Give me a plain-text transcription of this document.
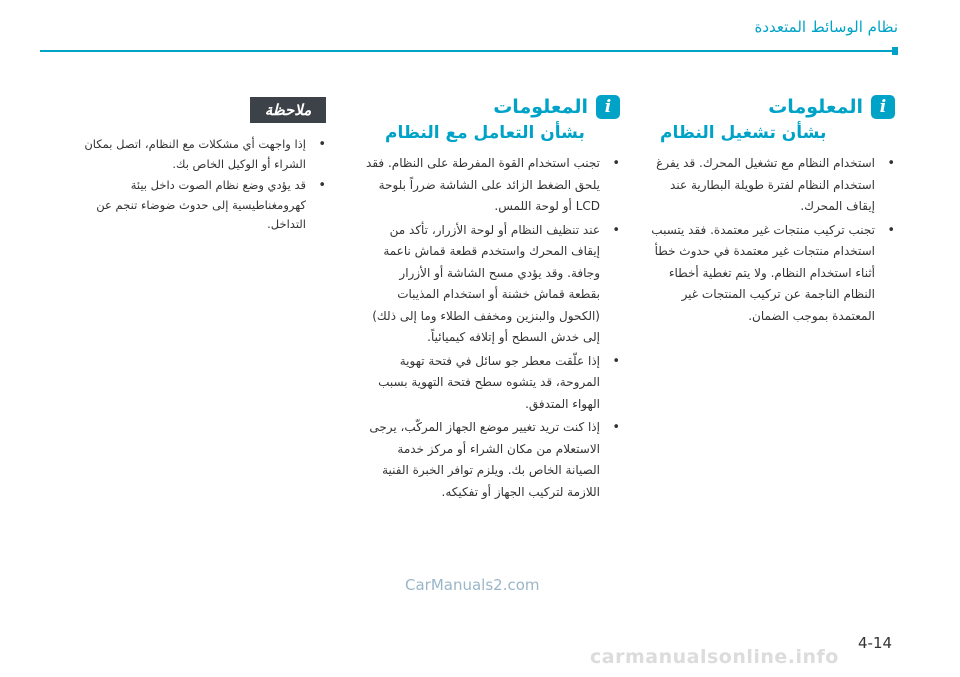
نظام الوسائط المتعددة
i
المعلومات
بشأن تشغيل النظام
• استخدام النظام مع تشغيل المحرك. قد يفرغ استخدام النظام لفترة طويلة البطارية عند إيقاف المحرك.
• تجنب تركيب منتجات غير معتمدة. فقد يتسبب استخدام منتجات غير معتمدة في حدوث خطأ أثناء استخدام النظام. ولا يتم تغطية أخطاء النظام الناجمة عن تركيب المنتجات غير المعتمدة بموجب الضمان.
i
المعلومات
بشأن التعامل مع النظام
• تجنب استخدام القوة المفرطة على النظام. فقد يلحق الضغط الزائد على الشاشة ضرراً بلوحة LCD أو لوحة اللمس.
• عند تنظيف النظام أو لوحة الأزرار، تأكد من إيقاف المحرك واستخدم قطعة قماش ناعمة وجافة. وقد يؤدي مسح الشاشة أو الأزرار بقطعة قماش خشنة أو استخدام المذيبات (الكحول والبنزين ومخفف الطلاء وما إلى ذلك) إلى خدش السطح أو إتلافه كيميائياً.
• إذا علّقت معطر جو سائل في فتحة تهوية المروحة، قد يتشوه سطح فتحة التهوية بسبب الهواء المتدفق.
• إذا كنت تريد تغيير موضع الجهاز المركّب، يرجى الاستعلام من مكان الشراء أو مركز خدمة الصيانة الخاص بك. ويلزم توافر الخبرة الفنية اللازمة لتركيب الجهاز أو تفكيكه.
ملاحظة
• إذا واجهت أي مشكلات مع النظام، اتصل بمكان الشراء أو الوكيل الخاص بك.
• قد يؤدي وضع نظام الصوت داخل بيئة كهرومغناطيسية إلى حدوث ضوضاء تنجم عن التداخل.
CarManuals2.com
4-14
carmanualsonline.info
